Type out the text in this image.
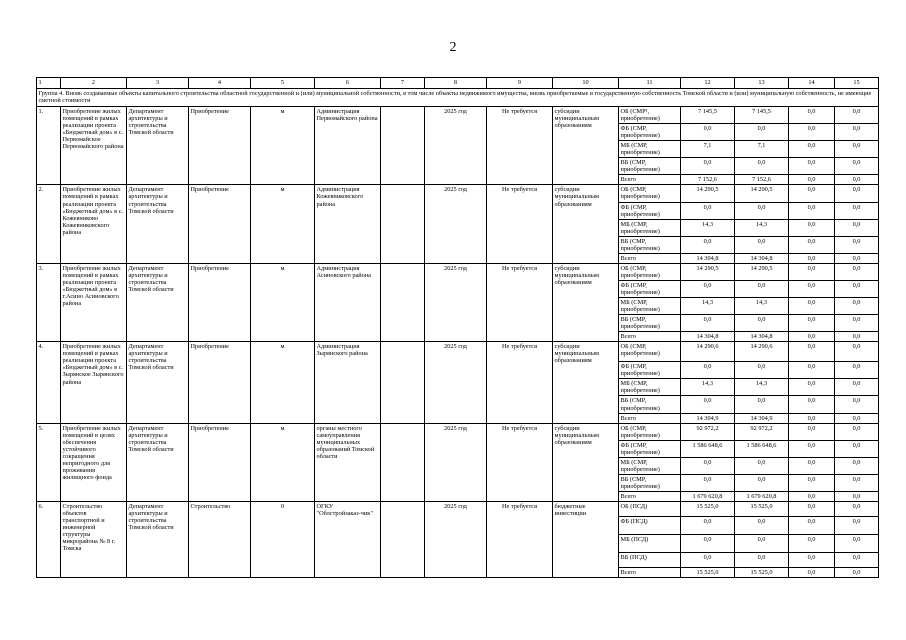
2
1	2	3	4	5	6	7	8	9	10	11	12	13	14	15
Группа 4. Вновь создаваемые объекты капитального строительства областной государственной и (или) муниципальной собственности, в том числе объекты недвижимого имущества, вновь приобретаемые в государственную собственность Томской области и (или) муниципальную собственность, не имеющие сметной стоимости														
1.	Приобретение жилых помещений в рамках реализации проекта «Бюджетный дом» в с. Первомайское Первомайского района	Департамент архитектуры и строительства Томской области	Приобретение	м	Администрация Первомайского района		2025 год	Не требуется	субсидии муниципальным образованиям	ОБ (СМР¹, приобретение)	7 145,5	7 145,5	0,0	0,0
										ФБ (СМР, приобретение)	0,0	0,0	0,0	0,0
										МБ (СМР, приобретение)	7,1	7,1	0,0	0,0
										ВБ (СМР, приобретение)	0,0	0,0	0,0	0,0
										Всего	7 152,6	7 152,6	0,0	0,0
2.	Приобретение жилых помещений в рамках реализации проекта «Бюджетный дом» в с. Кожевниково Кожевниковского района	Департамент архитектуры и строительства Томской области	Приобретение	м	Администрация Кожевниковского района		2025 год	Не требуется	субсидии муниципальным образованиям	ОБ (СМР, приобретение)	14 290,5	14 290,5	0,0	0,0
										ФБ (СМР, приобретение)	0,0	0,0	0,0	0,0
										МБ (СМР, приобретение)	14,3	14,3	0,0	0,0
										ВБ (СМР, приобретение)	0,0	0,0	0,0	0,0
										Всего	14 304,8	14 304,8	0,0	0,0
3.	Приобретение жилых помещений в рамках реализации проекта «Бюджетный дом» в г.Асино Асиновского района	Департамент архитектуры и строительства Томской области	Приобретение	м	Администрация Асиновского района		2025 год	Не требуется	субсидии муниципальным образованиям	ОБ (СМР, приобретение)	14 290,5	14 290,5	0,0	0,0
										ФБ (СМР, приобретение)	0,0	0,0	0,0	0,0
										МБ (СМР, приобретение)	14,3	14,3	0,0	0,0
										ВБ (СМР, приобретение)	0,0	0,0	0,0	0,0
										Всего	14 304,8	14 304,8	0,0	0,0
4.	Приобретение жилых помещений в рамках реализации проекта «Бюджетный дом» в с. Зырянское Зырянского района	Департамент архитектуры и строительства Томской области	Приобретение	м	Администрация Зырянского района		2025 год	Не требуется	субсидии муниципальным образованиям	ОБ (СМР, приобретение)	14 290,6	14 290,6	0,0	0,0
										ФБ (СМР, приобретение)	0,0	0,0	0,0	0,0
										МБ (СМР, приобретение)	14,3	14,3	0,0	0,0
										ВБ (СМР, приобретение)	0,0	0,0	0,0	0,0
										Всего	14 304,9	14 304,9	0,0	0,0
5.	Приобретение жилых помещений в целях обеспечения устойчивого сокращения непригодного для проживания жилищного фонда	Департамент архитектуры и строительства Томской области	Приобретение	м	органы местного самоуправления муниципальных образований Томской области		2025 год	Не требуется	субсидии муниципальным образованиям	ОБ (СМР, приобретение)	92 972,2	92 972,2	0,0	0,0
										ФБ (СМР, приобретение)	1 586 648,6	1 586 648,6	0,0	0,0
										МБ (СМР, приобретение)	0,0	0,0	0,0	0,0
										ВБ (СМР, приобретение)	0,0	0,0	0,0	0,0
										Всего	1 679 620,8	1 679 620,8	0,0	0,0
6.	Строительство объектов транспортной и инженерной структуры микрорайона № 8 г. Томска	Департамент архитектуры и строительства Томской области	Строительство	0	ОГКУ "Облстройзаказ-чик"		2025 год	Не требуется	бюджетные инвестиции	ОБ (ПСД)	15 525,0	15 525,0	0,0	0,0
										ФБ (ПСД)	0,0	0,0	0,0	0,0
										МБ (ПСД)	0,0	0,0	0,0	0,0
										ВБ (ПСД)	0,0	0,0	0,0	0,0
										Всего	15 525,0	15 525,0	0,0	0,0
